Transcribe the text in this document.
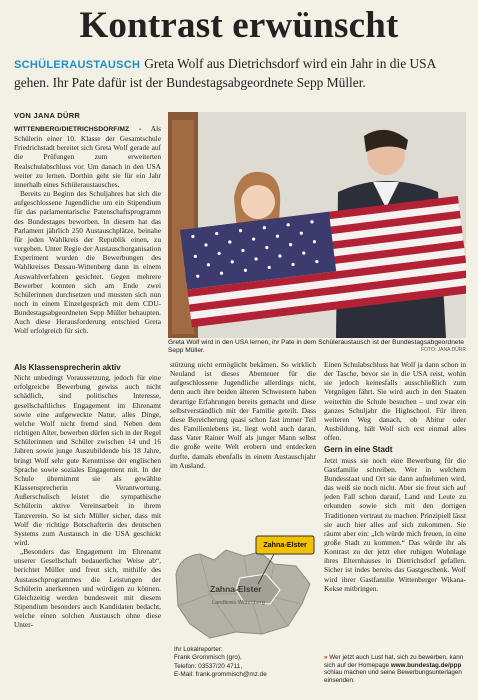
Kontrast erwünscht
SCHÜLERAUSTAUSCH Greta Wolf aus Dietrichsdorf wird ein Jahr in die USA gehen. Ihr Pate dafür ist der Bundestagsabgeordnete Sepp Müller.
VON JANA DÜRR

WITTENBERG/DIETRICHSDORF/MZ - Als Schülerin einer 10. Klasse der Gesamtschule Friedrichstadt bereitet sich Greta Wolf gerade auf die Prüfungen zum erweiterten Realschulabschluss vor. Um danach in den USA weiter zu lernen. Dorthin geht sie für ein Jahr innerhalb eines Schüleraustausches.

Bereits zu Beginn des Schuljahres hat sich die aufgeschlossene Jugendliche um ein Stipendium für das parlamentarische Patenschaftsprogramm des Bundestages beworben. In diesem hat das Parlament jährlich 250 Austauschplätze, beinahe für jeden Wahlkreis der Republik einen, zu vergeben. Unter Regie der Austauschorganisation Experiment wurden die Bewerbungen des Wahlkreises Dessau-Wittenberg dann in einem Auswahlverfahren gesichtet. Gegen mehrere Bewerber konnten sich am Ende zwei Schülerinnen durchsetzen und mussten sich nun noch in einem Einzelgespräch mit dem CDU-Bundestagsabgeordneten Sepp Müller behaupten. Auch diese Herausforderung entschied Greta Wolf erfolgreich für sich.

Greta Wolf wird in den USA lernen, ihr Pate in dem Schüleraustausch ist der Bundestagsabgeordnete Sepp Müller.	FOTO: JANA DÜRR
Als Klassensprecherin aktiv

Nicht unbedingt Voraussetzung, jedoch für eine erfolgreiche Bewerbung gewiss auch nicht schädlich, sind politisches Interesse, gesellschaftliches Engagement im Ehrenamt sowie eine aufgeweckte Natur, alles Dinge, welche Wolf nicht fremd sind. Neben dem richtigen Alter, bewerben dürfen sich in der Regel Schülerinnen und Schüler zwischen 14 und 16 Jahren sowie junge Auszubildende bis 18 Jahre, bringt Wolf sehr gute Kenntnisse der englischen Sprache sowie soziales Engagement mit. In der Schule übernimmt sie als gewählte Klassensprecherin Verantwortung. Außerschulisch leistet die sympathische Schülerin aktive Vereinsarbeit in ihrem Tanzverein. So ist sich Müller sicher, dass mit Wolf die richtige Botschafterin des deutschen Systems zum Austausch in die USA geschickt wird.

„Besonders das Engagement im Ehrenamt unserer Gesellschaft bedauerlicher Weise ab“, berichtet Müller und freut sich, mithilfe des Austauschprogrammes die Leistungen der Schülerin anerkennen und würdigen zu können. Gleichzeitig werden bundesweit mit diesem Stipendium besonders auch Kandidaten bedacht, welche einen solchen Austausch ohne diese Unter-

stützung nicht ermöglicht bekämen. So wirklich Neuland ist dieses Abenteuer für die aufgeschlossene Jugendliche allerdings nicht, denn auch ihre beiden älteren Schwestern haben derartige Erfahrungen bereits gemacht und diese selbstverständlich mit der Familie geteilt. Dass diese Bereicherung quasi schon fast immer Teil des Familienlebens ist, liegt wohl auch daran, dass Vater Rainer Wolf als junger Mann selbst die große weite Welt erobern und entdecken durfte, damals ebenfalls in einem Austauschjahr im Ausland.

Zahna-Elster
Zahna-Elster
Landkreis Wittenberg
Ihr Lokalreporter:
Frank Grommisch (gro),
Telefon: 03537/20 4711,
E-Mail: frank.grommisch@mz.de

Einen Schulabschluss hat Wolf ja dann schon in der Tasche, bevor sie in die USA reist, wohin sie jedoch keinesfalls ausschließlich zum Vergnügen fährt. Sie wird auch in den Staaten weiterhin die Schule besuchen – und zwar ein ganzes Schuljahr die Highschool. Für ihren weiteren Weg danach, ob Abitur oder Ausbildung, hält Wolf sich erst einmal alles offen.

Gern in eine Stadt

Jetzt muss sie noch eine Bewerbung für die Gastfamilie schreiben. Wer in welchem Bundesstaat und Ort sie dann aufnehmen wird, das weiß sie noch nicht. Aber sie freut sich auf jeden Fall schon darauf, Land und Leute zu erkunden sowie sich mit den dortigen Traditionen vertraut zu machen. Prinzipiell lässt sie auch hier alles auf sich zukommen. Sie räumt aber ein: „Ich würde mich freuen, in eine große Stadt zu kommen.“ Das würde ihr als Kontrast zu der jetzt eher ruhigen Wohnlage ihres Elternhauses in Dietrichsdorf gefallen. Sicher ist indes bereits das Gastgeschenk. Wolf wird ihrer Gastfamilie Wittenberger Wikana-Kekse mitbringen.

» Wer jetzt auch Lust hat, sich zu bewerben, kann sich auf der Homepage www.bundestag.de/ppp schlau machen und seine Bewerbungsunterlagen einsenden.
